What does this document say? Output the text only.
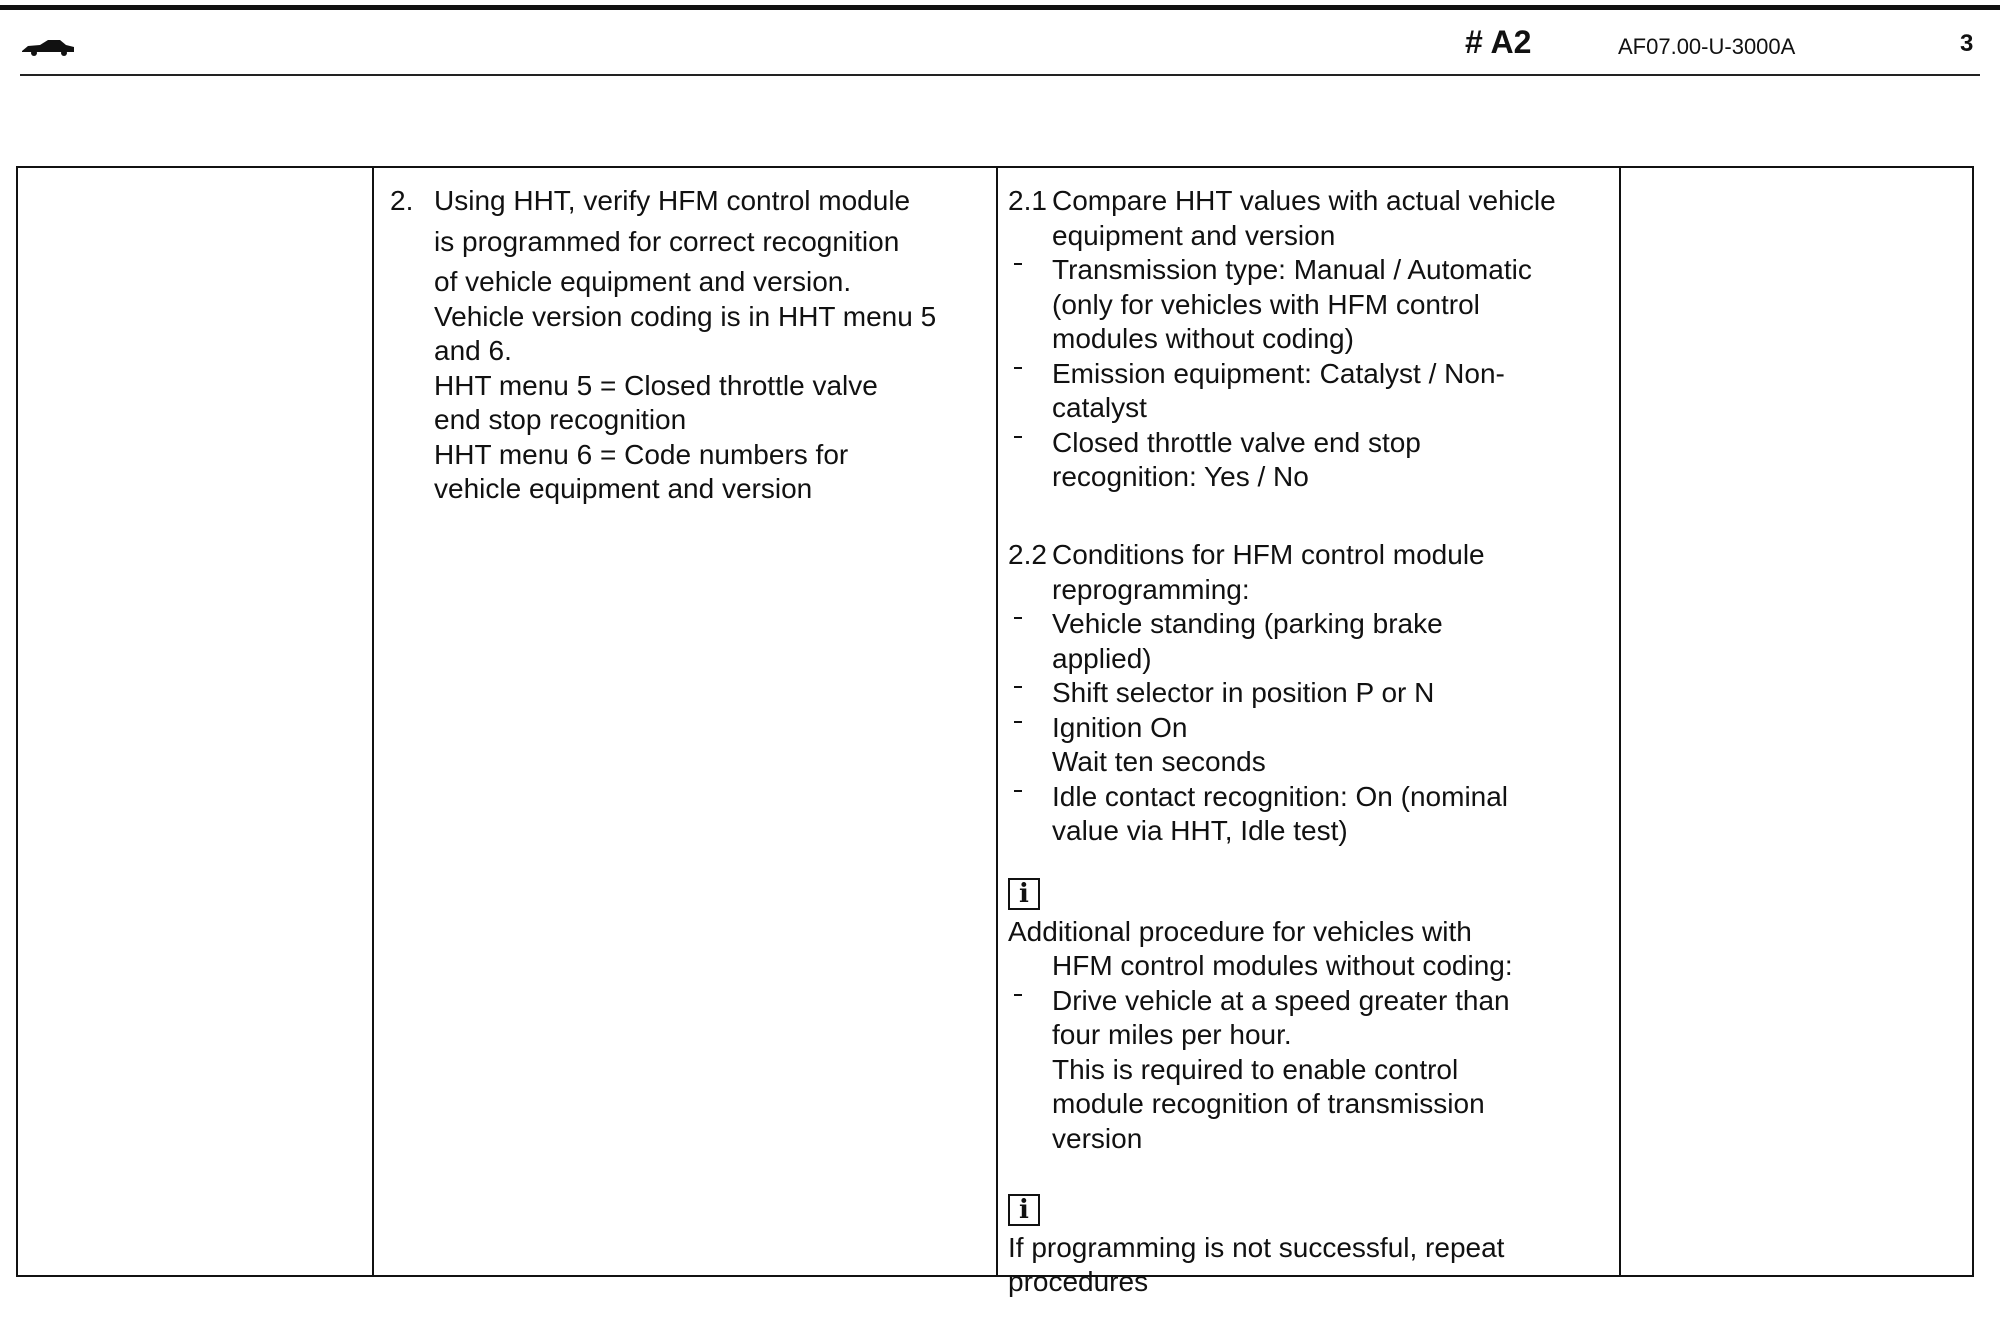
# A2	AF07.00-U-3000A	3
2. Using HHT, verify HFM control module

is programmed for correct recognition

of vehicle equipment and version.

Vehicle version coding is in HHT menu 5

and 6.

HHT menu 5 = Closed throttle valve

end stop recognition

HHT menu 6 = Code numbers for

vehicle equipment and version

2.1 Compare HHT values with actual vehicle

equipment and version

Transmission type: Manual / Automatic

(only for vehicles with HFM control

modules without coding)

Emission equipment: Catalyst / Non-

catalyst

Closed throttle valve end stop

recognition: Yes / No

2.2 Conditions for HFM control module

reprogramming:

Vehicle standing (parking brake

applied)

Shift selector in position P or N

Ignition On

Wait ten seconds

Idle contact recognition: On (nominal

value via HHT, Idle test)

i

Additional procedure for vehicles with

HFM control modules without coding:

Drive vehicle at a speed greater than

four miles per hour.

This is required to enable control

module recognition of transmission

version

i

If programming is not successful, repeat

procedures
